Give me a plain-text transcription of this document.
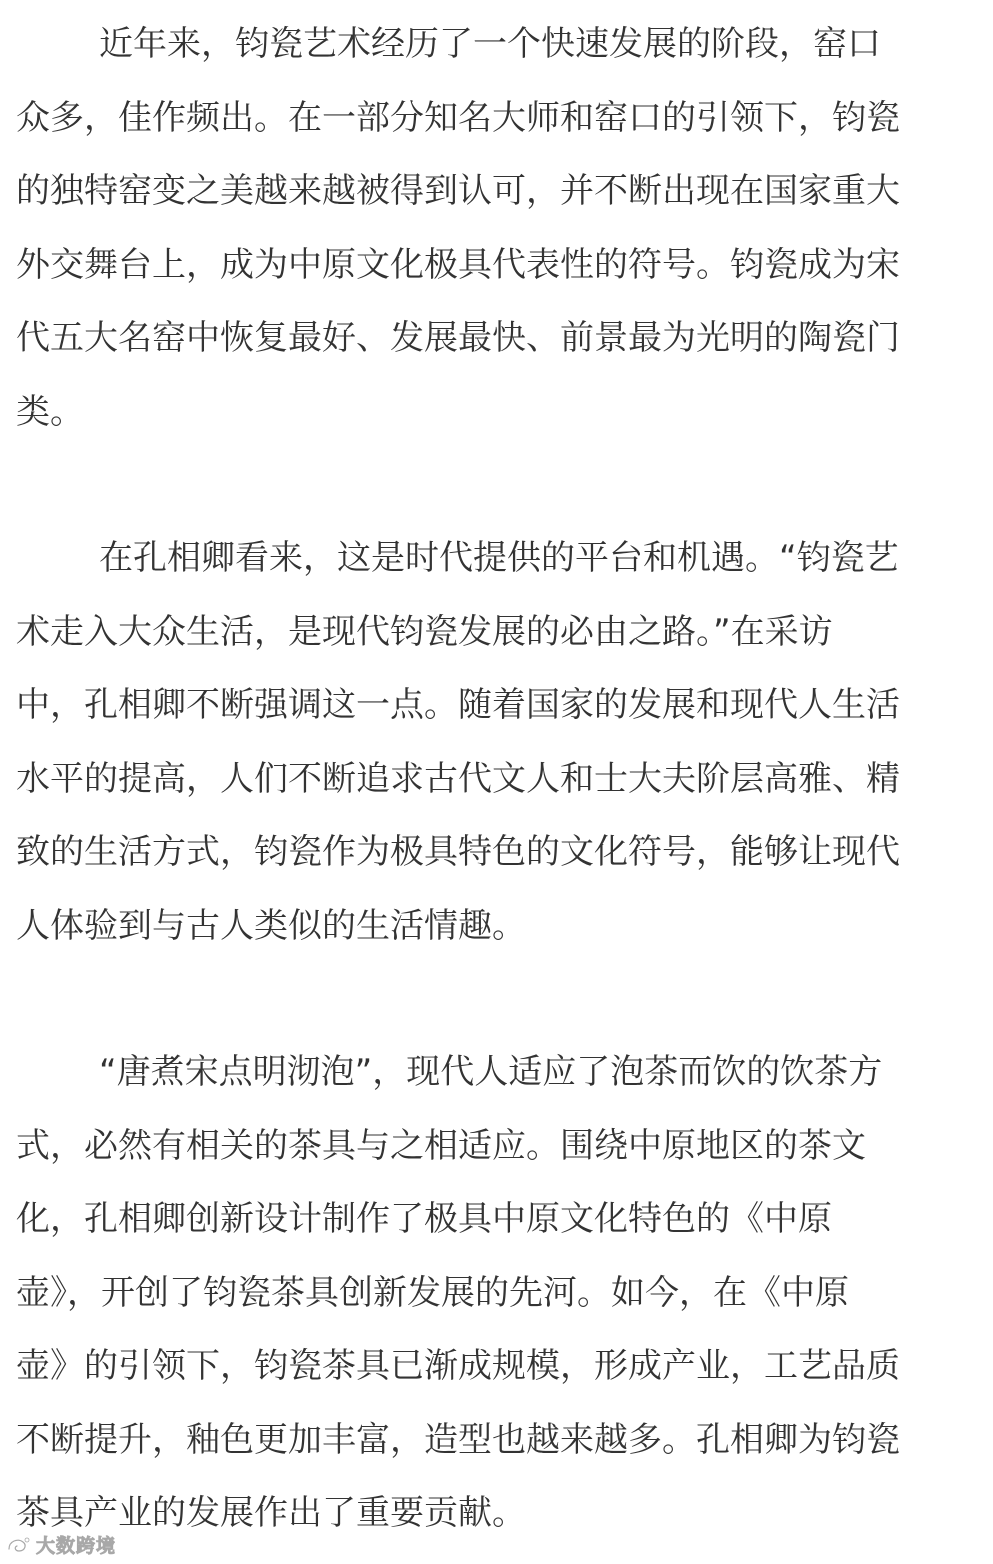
近年来，钧瓷艺术经历了一个快速发展的阶段，窑口
众多，佳作频出。在一部分知名大师和窑口的引领下，钧瓷
的独特窑变之美越来越被得到认可，并不断出现在国家重大
外交舞台上，成为中原文化极具代表性的符号。钧瓷成为宋
代五大名窑中恢复最好、发展最快、前景最为光明的陶瓷门
类。

在孔相卿看来，这是时代提供的平台和机遇。“钧瓷艺
术走入大众生活，是现代钧瓷发展的必由之路。”在采访
中，孔相卿不断强调这一点。随着国家的发展和现代人生活
水平的提高，人们不断追求古代文人和士大夫阶层高雅、精
致的生活方式，钧瓷作为极具特色的文化符号，能够让现代
人体验到与古人类似的生活情趣。

“唐煮宋点明沏泡”，现代人适应了泡茶而饮的饮茶方
式，必然有相关的茶具与之相适应。围绕中原地区的茶文
化，孔相卿创新设计制作了极具中原文化特色的《中原
壶》，开创了钧瓷茶具创新发展的先河。如今，在《中原
壶》的引领下，钧瓷茶具已渐成规模，形成产业，工艺品质
不断提升，釉色更加丰富，造型也越来越多。孔相卿为钧瓷
茶具产业的发展作出了重要贡献。

大数跨境
